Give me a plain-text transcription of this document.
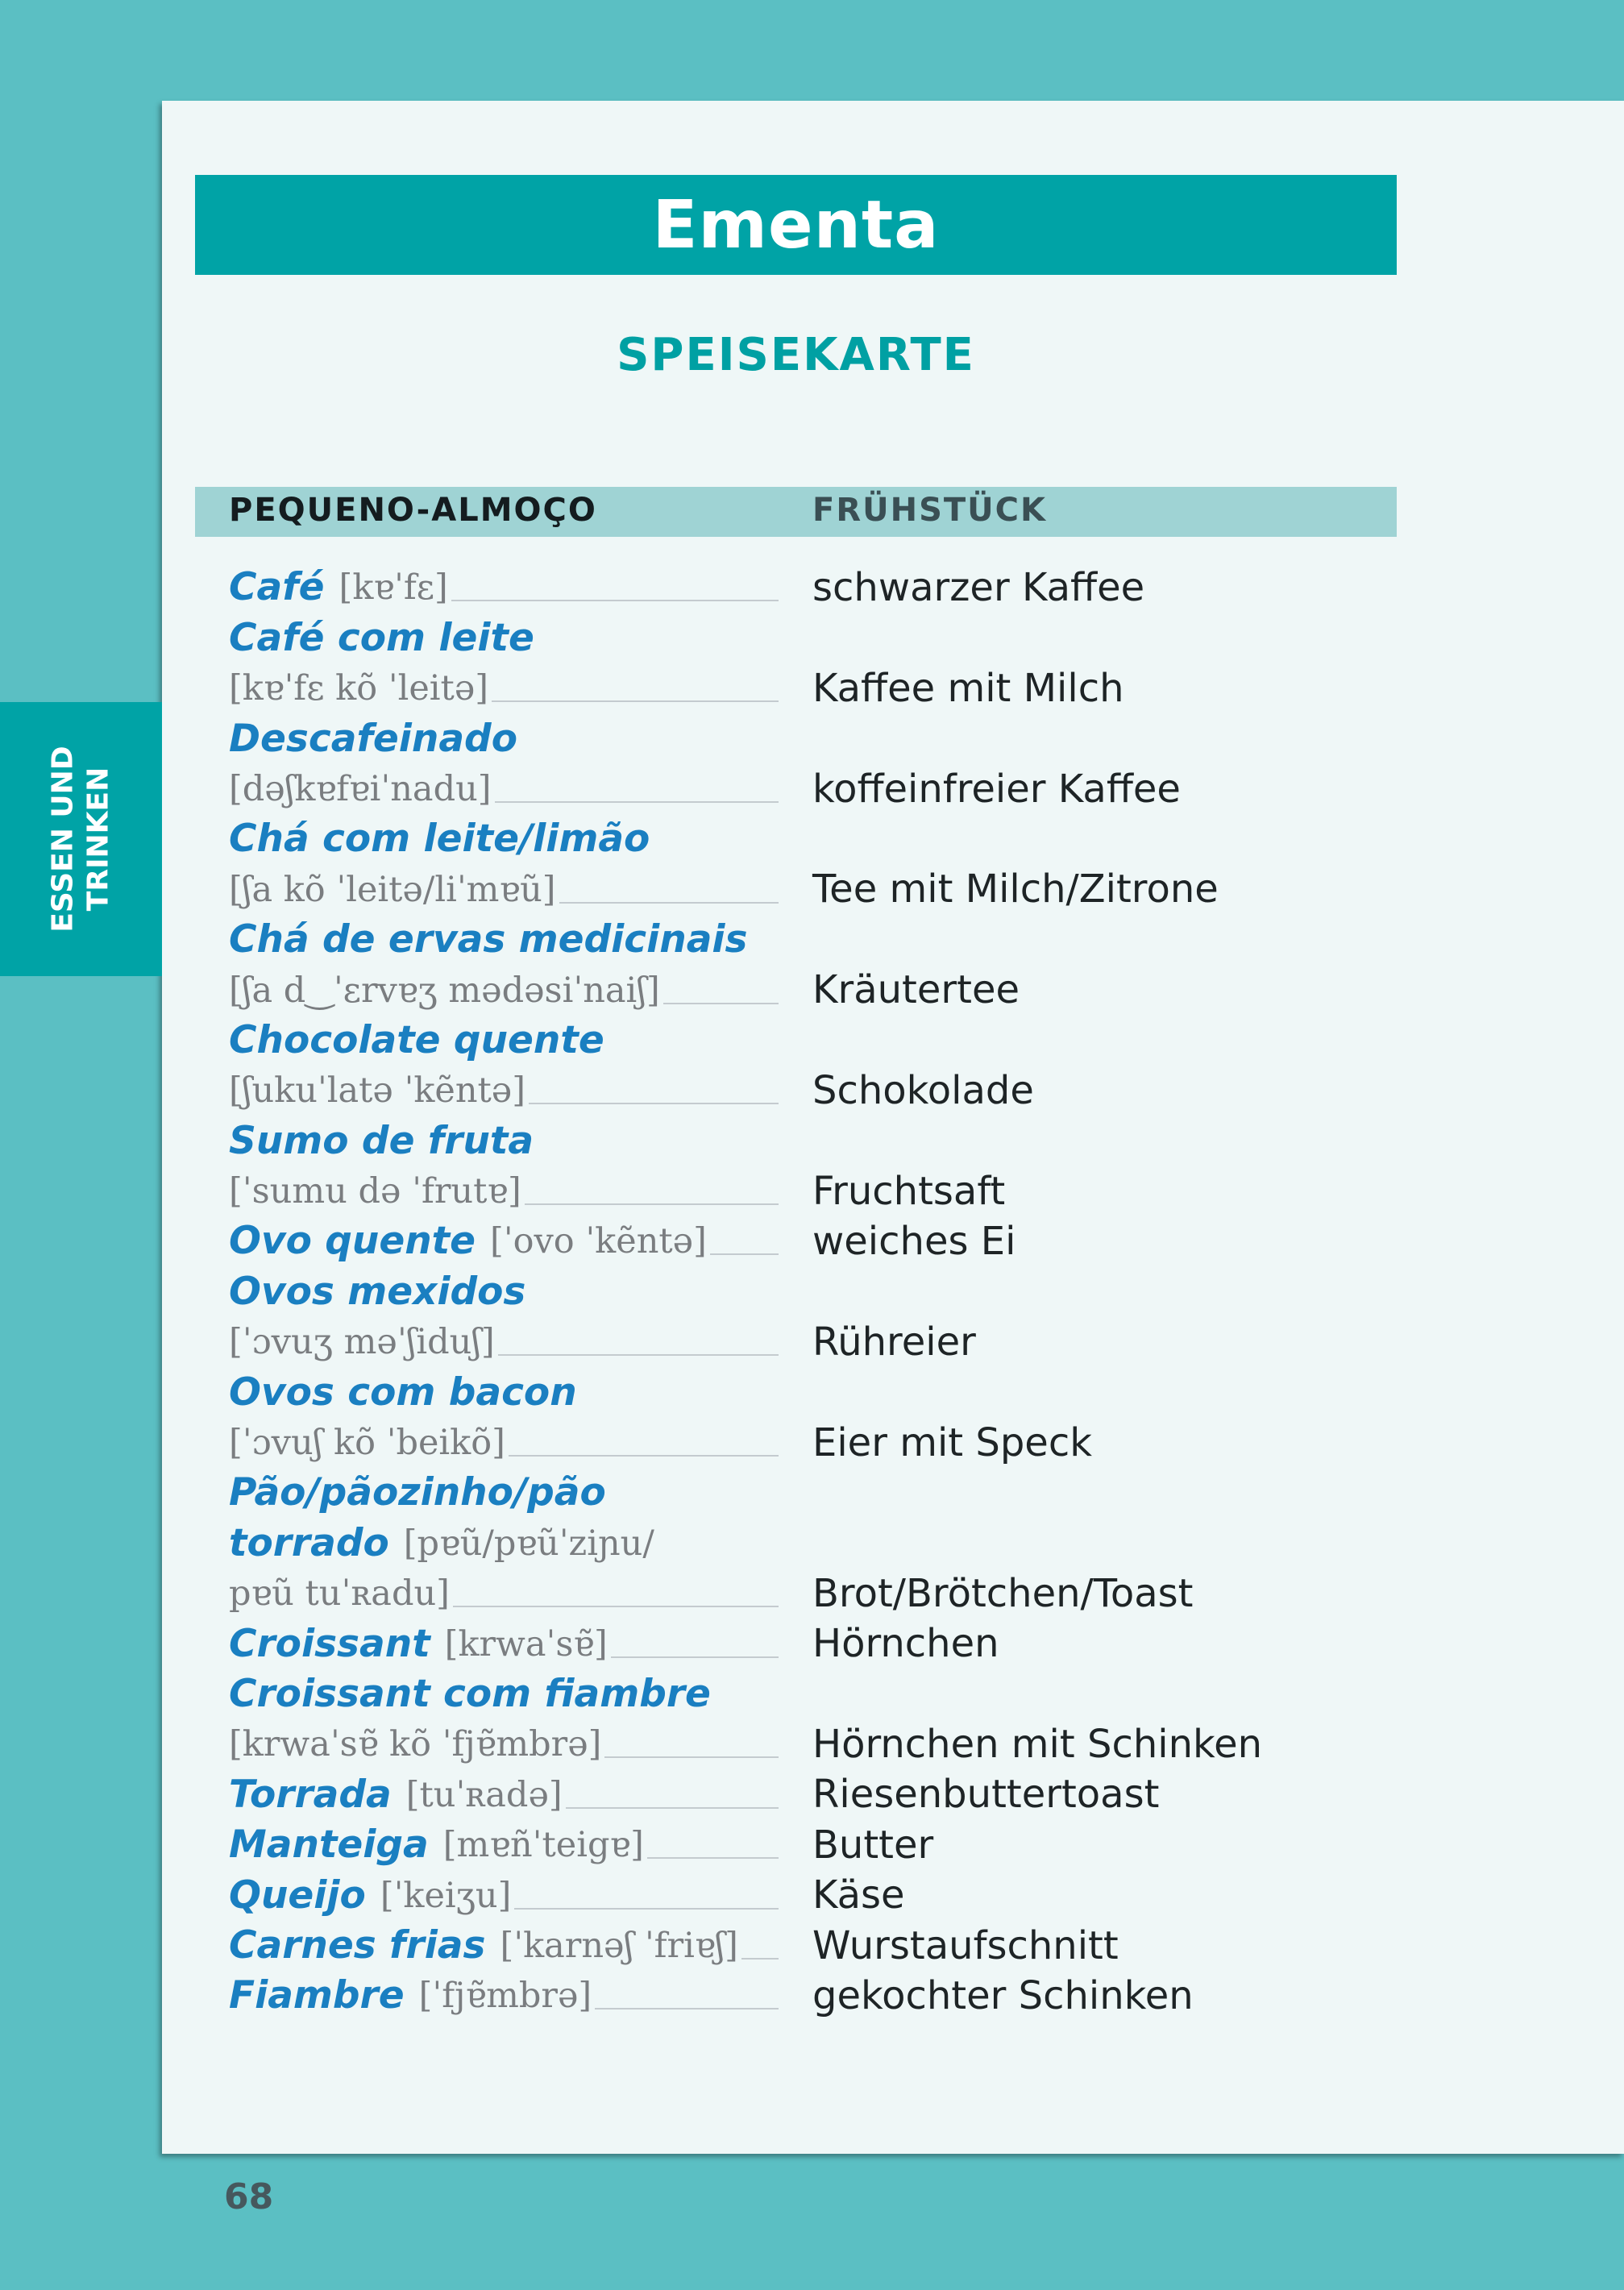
ESSEN UND TRINKEN
Ementa
SPEISEKARTE
PEQUENO-ALMOÇO	FRÜHSTÜCK
Café [kɐˈfɛ]	schwarzer Kaffee
Café com leite
[kɐˈfɛ kõ ˈleitə]	Kaffee mit Milch
Descafeinado
[dəʃkɐfɐiˈnadu]	koffeinfreier Kaffee
Chá com leite/limão
[ʃa kõ ˈleitə/liˈmɐũ]	Tee mit Milch/Zitrone
Chá de ervas medicinais
[ʃa d‿ˈɛrvɐʒ mədəsiˈnaiʃ]	Kräutertee
Chocolate quente
[ʃukuˈlatə ˈkẽntə]	Schokolade
Sumo de fruta
[ˈsumu də ˈfrutɐ]	Fruchtsaft
Ovo quente [ˈovo ˈkẽntə]	weiches Ei
Ovos mexidos
[ˈɔvuʒ məˈʃiduʃ]	Rühreier
Ovos com bacon
[ˈɔvuʃ kõ ˈbeikõ]	Eier mit Speck
Pão/pãozinho/pão
torrado [pɐũ/pɐũˈziɲu/
pɐũ tuˈʀadu]	Brot/Brötchen/Toast
Croissant [krwaˈsɐ̃]	Hörnchen
Croissant com fiambre
[krwaˈsɐ̃ kõ ˈfjɐ̃mbrə]	Hörnchen mit Schinken
Torrada [tuˈʀadə]	Riesenbuttertoast
Manteiga [mɐñˈteigɐ]	Butter
Queijo [ˈkeiʒu]	Käse
Carnes frias [ˈkarnəʃ ˈfriɐʃ] Wurstaufschnitt
Fiambre [ˈfjɐ̃mbrə]	gekochter Schinken
68
